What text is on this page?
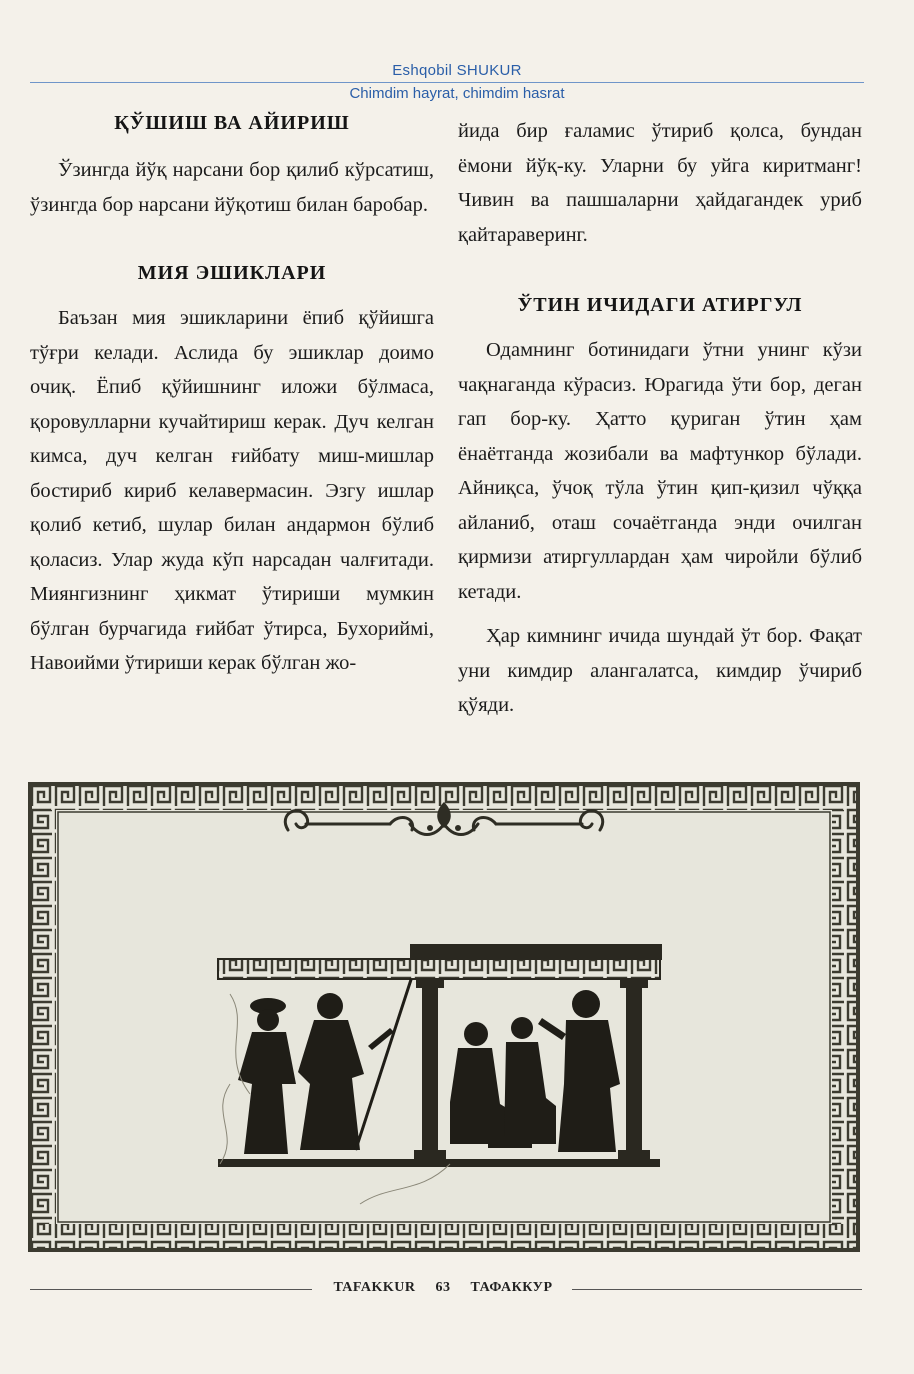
Eshqobil SHUKUR
Chimdim hayrat, chimdim hasrat
ҚЎШИШ ВА АЙИРИШ

Ўзингда йўқ нарсани бор қилиб кўрсатиш, ўзингда бор нарсани йўқотиш билан баробар.

МИЯ ЭШИКЛАРИ

Баъзан мия эшикларини ёпиб қўйишга тўғри келади. Аслида бу эшиклар доимо очиқ. Ёпиб қўйишнинг иложи бўлмаса, қоровулларни кучайтириш керак. Дуч келган кимса, дуч келган ғийбату миш-мишлар бостириб кириб келавермасин. Эзгу ишлар қолиб кетиб, шулар билан андармон бўлиб қоласиз. Улар жуда кўп нарсадан чалғитади. Миянгизнинг ҳикмат ўтириши мумкин бўлган бурчагида ғийбат ўтирса, Бухориймi, Навоийми ўтириши керак бўлган жо-

йида бир ғаламис ўтириб қолса, бундан ёмони йўқ-ку. Уларни бу уйга киритманг! Чивин ва пашшаларни ҳайдагандек уриб қайтараверинг.

ЎТИН ИЧИДАГИ АТИРГУЛ

Одамнинг ботинидаги ўтни унинг кўзи чақнаганда кўрасиз. Юрагида ўти бор, деган гап бор-ку. Ҳатто қуриган ўтин ҳам ёнаётганда жозибали ва мафтункор бўлади. Айниқса, ўчоқ тўла ўтин қип-қизил чўққа айланиб, оташ сочаётганда энди очилган қирмизи атиргуллардан ҳам чиройли бўлиб кетади.

Ҳар кимнинг ичида шундай ўт бор. Фақат уни кимдир алангалатса, кимдир ўчириб қўяди.

TAFAKKUR 63 ТАФАККУР
